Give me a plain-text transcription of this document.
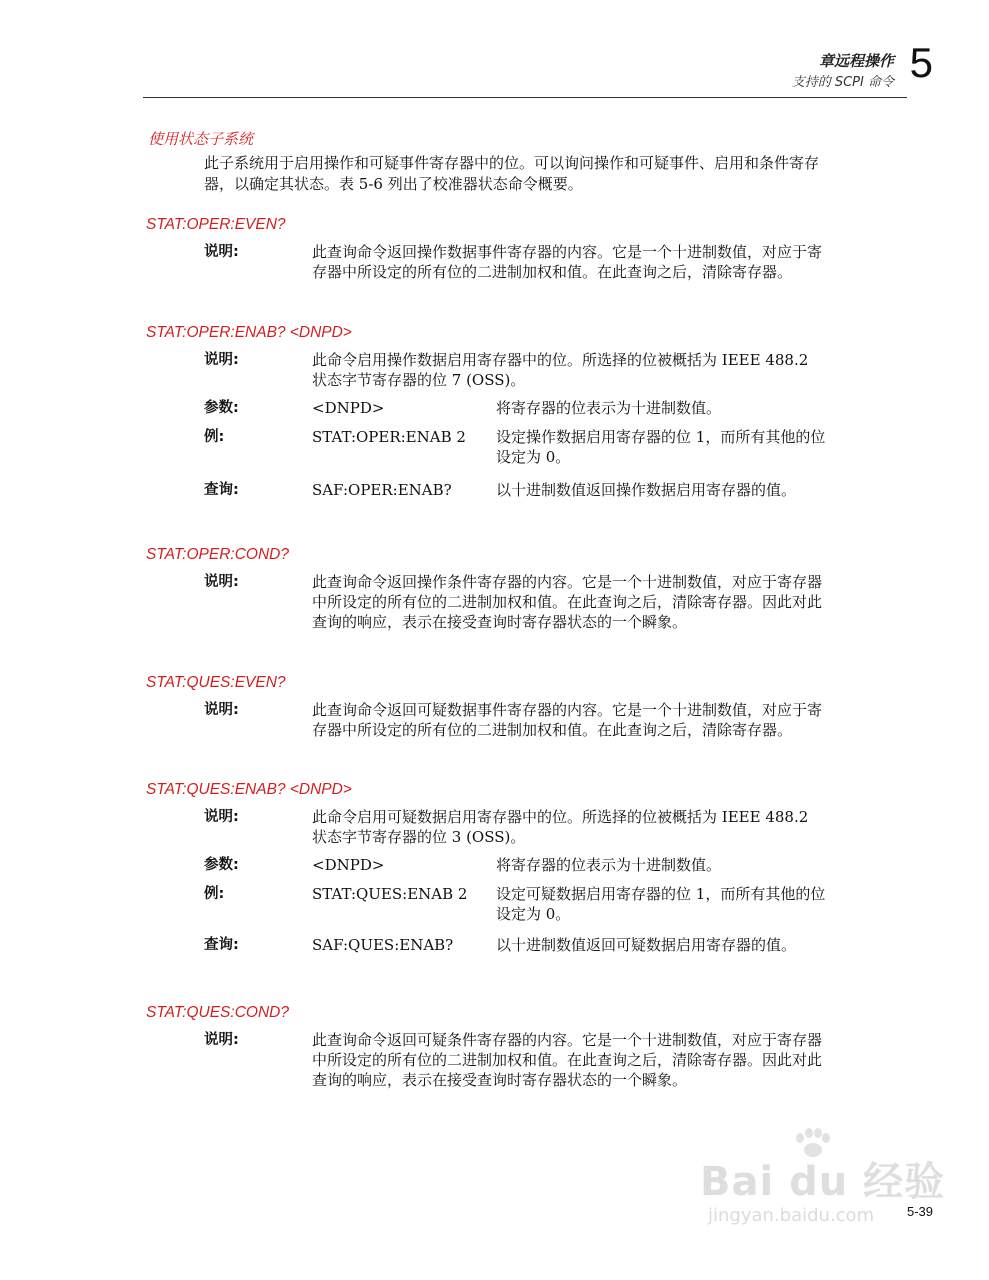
章远程操作
支持的 SCPI 命令 5
使用状态子系统
此子系统用于启用操作和可疑事件寄存器中的位。可以询问操作和可疑事件、启用和条件寄存器，以确定其状态。表 5-6 列出了校准器状态命令概要。
STAT:OPER:EVEN?
说明:	此查询命令返回操作数据事件寄存器的内容。它是一个十进制数值，对应于寄存器中所设定的所有位的二进制加权和值。在此查询之后，清除寄存器。
STAT:OPER:ENAB? <DNPD>
说明:	此命令启用操作数据启用寄存器中的位。所选择的位被概括为 IEEE 488.2 状态字节寄存器的位 7 (OSS)。
参数:	<DNPD>	将寄存器的位表示为十进制数值。
例:	STAT:OPER:ENAB 2 设定操作数据启用寄存器的位 1，而所有其他的位设定为 0。
查询:	SAF:OPER:ENAB?	以十进制数值返回操作数据启用寄存器的值。
STAT:OPER:COND?
说明:	此查询命令返回操作条件寄存器的内容。它是一个十进制数值，对应于寄存器中所设定的所有位的二进制加权和值。在此查询之后，清除寄存器。因此对此查询的响应，表示在接受查询时寄存器状态的一个瞬象。
STAT:QUES:EVEN?
说明:	此查询命令返回可疑数据事件寄存器的内容。它是一个十进制数值，对应于寄存器中所设定的所有位的二进制加权和值。在此查询之后，清除寄存器。
STAT:QUES:ENAB? <DNPD>
说明:	此命令启用可疑数据启用寄存器中的位。所选择的位被概括为 IEEE 488.2 状态字节寄存器的位 3 (OSS)。
参数:	<DNPD>	将寄存器的位表示为十进制数值。
例:	STAT:QUES:ENAB 2 设定可疑数据启用寄存器的位 1，而所有其他的位设定为 0。
查询:	SAF:QUES:ENAB?	以十进制数值返回可疑数据启用寄存器的值。
STAT:QUES:COND?
说明:	此查询命令返回可疑条件寄存器的内容。它是一个十进制数值，对应于寄存器中所设定的所有位的二进制加权和值。在此查询之后，清除寄存器。因此对此查询的响应，表示在接受查询时寄存器状态的一个瞬象。
Bai du 经验
jingyan.baidu.com	5-39
